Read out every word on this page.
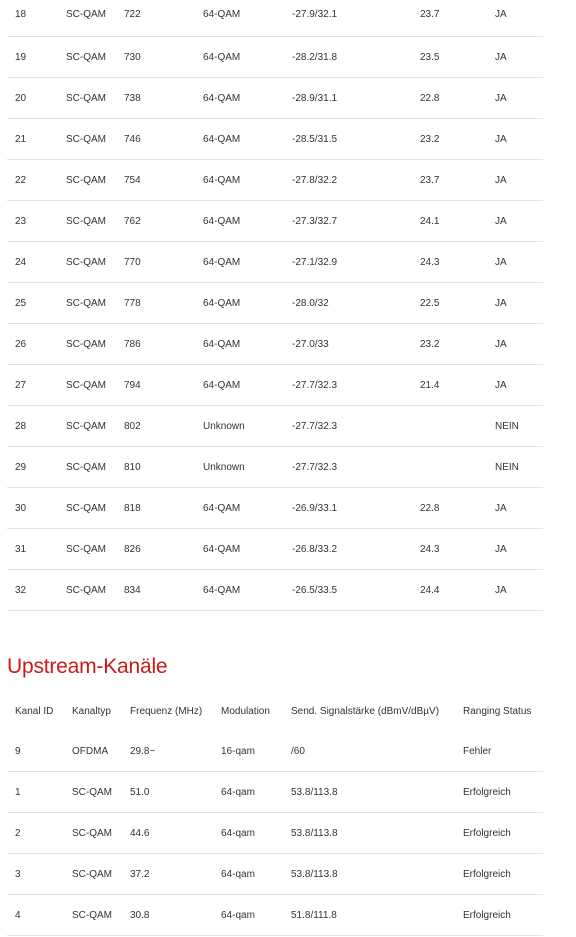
18	SC-QAM	722	64-QAM	-27.9/32.1	23.7	JA
19	SC-QAM	730	64-QAM	-28.2/31.8	23.5	JA
20	SC-QAM	738	64-QAM	-28.9/31.1	22.8	JA
21	SC-QAM	746	64-QAM	-28.5/31.5	23.2	JA
22	SC-QAM	754	64-QAM	-27.8/32.2	23.7	JA
23	SC-QAM	762	64-QAM	-27.3/32.7	24.1	JA
24	SC-QAM	770	64-QAM	-27.1/32.9	24.3	JA
25	SC-QAM	778	64-QAM	-28.0/32	22.5	JA
26	SC-QAM	786	64-QAM	-27.0/33	23.2	JA
27	SC-QAM	794	64-QAM	-27.7/32.3	21.4	JA
28	SC-QAM	802	Unknown	-27.7/32.3		NEIN
29	SC-QAM	810	Unknown	-27.7/32.3		NEIN
30	SC-QAM	818	64-QAM	-26.9/33.1	22.8	JA
31	SC-QAM	826	64-QAM	-26.8/33.2	24.3	JA
32	SC-QAM	834	64-QAM	-26.5/33.5	24.4	JA
Upstream-Kanäle
Kanal ID	Kanaltyp	Frequenz (MHz)	Modulation	Send. Signalstärke (dBmV/dBµV)	Ranging Status
9	OFDMA	29.8~	16-qam	/60	Fehler
1	SC-QAM	51.0	64-qam	53.8/113.8	Erfolgreich
2	SC-QAM	44.6	64-qam	53.8/113.8	Erfolgreich
3	SC-QAM	37.2	64-qam	53.8/113.8	Erfolgreich
4	SC-QAM	30.8	64-qam	51.8/111.8	Erfolgreich
